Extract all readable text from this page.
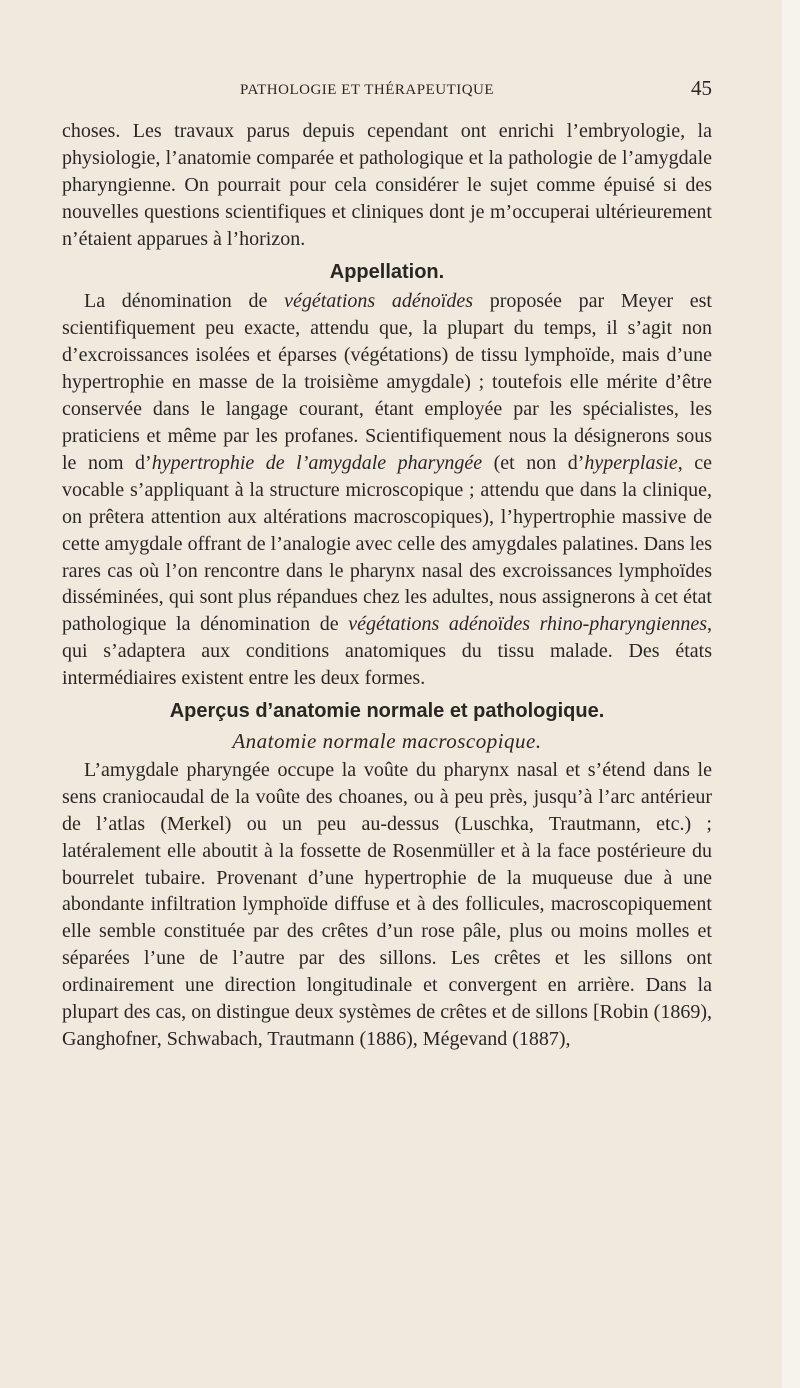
PATHOLOGIE ET THÉRAPEUTIQUE	45

choses. Les travaux parus depuis cependant ont enrichi l’embryologie, la physiologie, l’anatomie comparée et pathologique et la pathologie de l’amygdale pharyngienne. On pourrait pour cela considérer le sujet comme épuisé si des nouvelles questions scientifiques et cliniques dont je m’occuperai ultérieurement n’étaient apparues à l’horizon.

Appellation.

La dénomination de végétations adénoïdes proposée par Meyer est scientifiquement peu exacte, attendu que, la plupart du temps, il s’agit non d’excroissances isolées et éparses (végétations) de tissu lymphoïde, mais d’une hypertrophie en masse de la troisième amygdale) ; toutefois elle mérite d’être conservée dans le langage courant, étant employée par les spécialistes, les praticiens et même par les profanes. Scientifiquement nous la désignerons sous le nom d’hypertrophie de l’amygdale pharyngée (et non d’hyperplasie, ce vocable s’appliquant à la structure microscopique ; attendu que dans la clinique, on prêtera attention aux altérations macroscopiques), l’hypertrophie massive de cette amygdale offrant de l’analogie avec celle des amygdales palatines. Dans les rares cas où l’on rencontre dans le pharynx nasal des excroissances lymphoïdes disséminées, qui sont plus répandues chez les adultes, nous assignerons à cet état pathologique la dénomination de végétations adénoïdes rhino-pharyngiennes, qui s’adaptera aux conditions anatomiques du tissu malade. Des états intermédiaires existent entre les deux formes.

Aperçus d’anatomie normale et pathologique.
Anatomie normale macroscopique.

L’amygdale pharyngée occupe la voûte du pharynx nasal et s’étend dans le sens craniocaudal de la voûte des choanes, ou à peu près, jusqu’à l’arc antérieur de l’atlas (Merkel) ou un peu au-dessus (Luschka, Trautmann, etc.) ; latéralement elle aboutit à la fossette de Rosenmüller et à la face postérieure du bourrelet tubaire. Provenant d’une hypertrophie de la muqueuse due à une abondante infiltration lymphoïde diffuse et à des follicules, macroscopiquement elle semble constituée par des crêtes d’un rose pâle, plus ou moins molles et séparées l’une de l’autre par des sillons. Les crêtes et les sillons ont ordinairement une direction longitudinale et convergent en arrière. Dans la plupart des cas, on distingue deux systèmes de crêtes et de sillons [Robin (1869), Ganghofner, Schwabach, Trautmann (1886), Mégevand (1887),
